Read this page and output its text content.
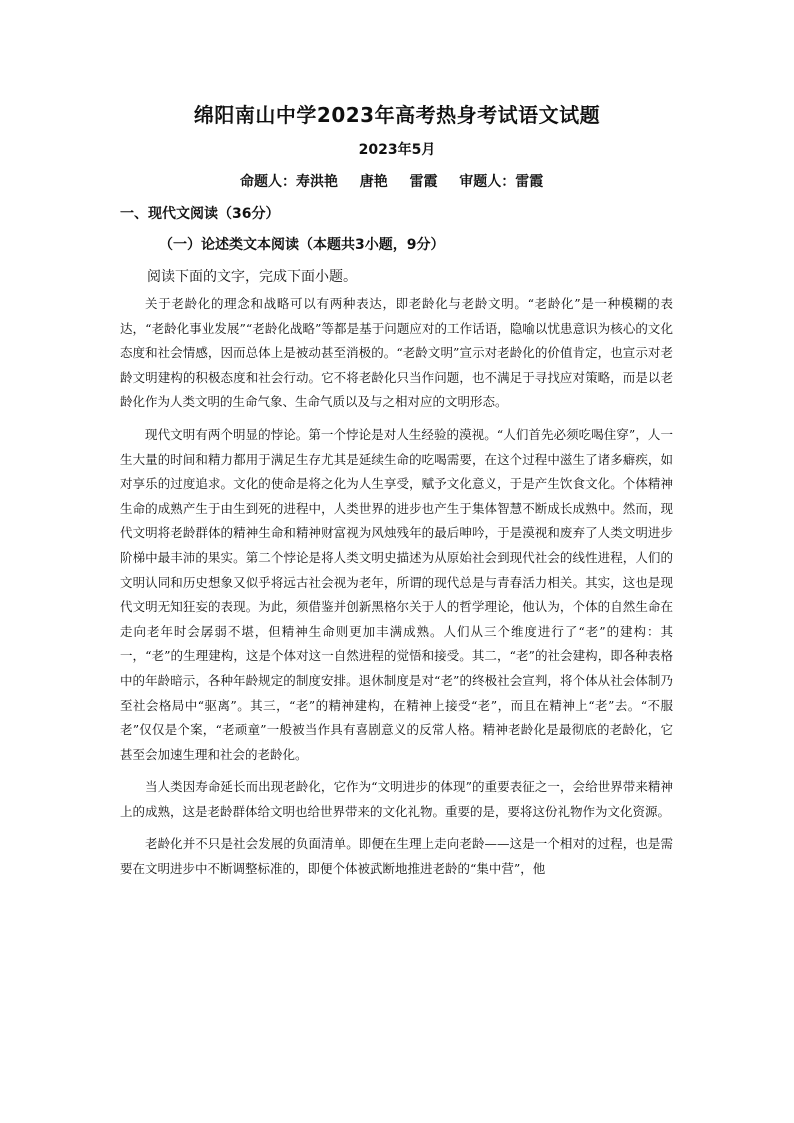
绵阳南山中学2023年高考热身考试语文试题
2023年5月
命题人：寿洪艳 唐艳 雷霞 审题人：雷霞
一、现代文阅读（36分）
（一）论述类文本阅读（本题共3小题，9分）
阅读下面的文字，完成下面小题。

关于老龄化的理念和战略可以有两种表达，即老龄化与老龄文明。“老龄化”是一种模糊的表达，“老龄化事业发展”“老龄化战略”等都是基于问题应对的工作话语，隐喻以忧患意识为核心的文化态度和社会情感，因而总体上是被动甚至消极的。“老龄文明”宣示对老龄化的价值肯定，也宣示对老龄文明建构的积极态度和社会行动。它不将老龄化只当作问题，也不满足于寻找应对策略，而是以老龄化作为人类文明的生命气象、生命气质以及与之相对应的文明形态。

现代文明有两个明显的悖论。第一个悖论是对人生经验的漠视。“人们首先必须吃喝住穿”，人一生大量的时间和精力都用于满足生存尤其是延续生命的吃喝需要，在这个过程中滋生了诸多癖疾，如对享乐的过度追求。文化的使命是将之化为人生享受，赋予文化意义，于是产生饮食文化。个体精神生命的成熟产生于由生到死的进程中，人类世界的进步也产生于集体智慧不断成长成熟中。然而，现代文明将老龄群体的精神生命和精神财富视为风烛残年的最后呻吟，于是漠视和废弃了人类文明进步阶梯中最丰沛的果实。第二个悖论是将人类文明史描述为从原始社会到现代社会的线性进程，人们的文明认同和历史想象又似乎将远古社会视为老年，所谓的现代总是与青春活力相关。其实，这也是现代文明无知狂妄的表现。为此，须借鉴并创新黑格尔关于人的哲学理论，他认为，个体的自然生命在走向老年时会孱弱不堪，但精神生命则更加丰满成熟。人们从三个维度进行了“老”的建构：其一，“老”的生理建构，这是个体对这一自然进程的觉悟和接受。其二，“老”的社会建构，即各种表格中的年龄暗示，各种年龄规定的制度安排。退休制度是对“老”的终极社会宣判，将个体从社会体制乃至社会格局中“驱离”。其三，“老”的精神建构，在精神上接受“老”，而且在精神上“老”去。“不服老”仅仅是个案，“老顽童”一般被当作具有喜剧意义的反常人格。精神老龄化是最彻底的老龄化，它甚至会加速生理和社会的老龄化。

当人类因寿命延长而出现老龄化，它作为“文明进步的体现”的重要表征之一，会给世界带来精神上的成熟，这是老龄群体给文明也给世界带来的文化礼物。重要的是，要将这份礼物作为文化资源。

老龄化并不只是社会发展的负面清单。即便在生理上走向老龄——这是一个相对的过程，也是需要在文明进步中不断调整标准的，即便个体被武断地推进老龄的“集中营”，他
